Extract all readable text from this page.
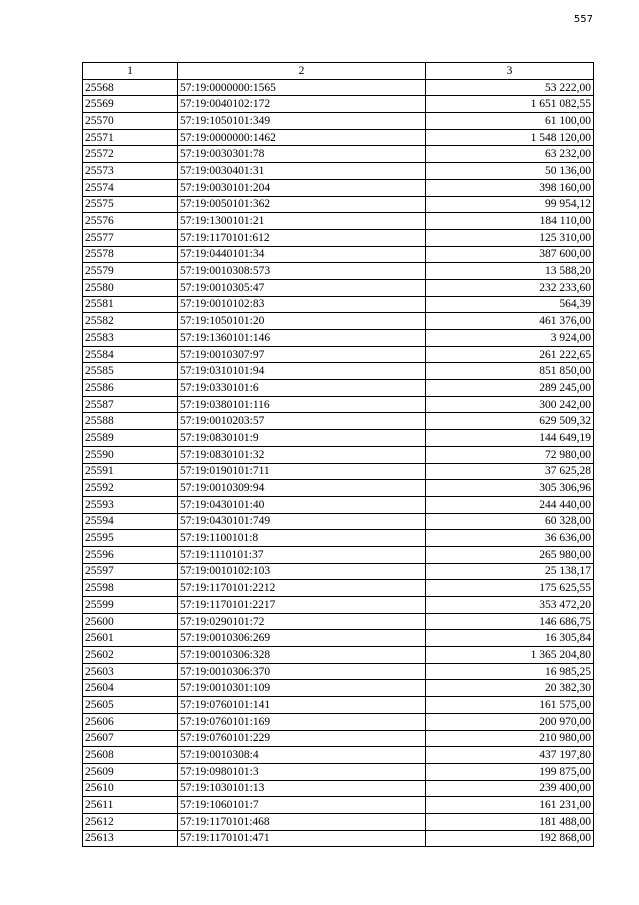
557
1	2	3
25568	57:19:0000000:1565	53 222,00
25569	57:19:0040102:172	1 651 082,55
25570	57:19:1050101:349	61 100,00
25571	57:19:0000000:1462	1 548 120,00
25572	57:19:0030301:78	63 232,00
25573	57:19:0030401:31	50 136,00
25574	57:19:0030101:204	398 160,00
25575	57:19:0050101:362	99 954,12
25576	57:19:1300101:21	184 110,00
25577	57:19:1170101:612	125 310,00
25578	57:19:0440101:34	387 600,00
25579	57:19:0010308:573	13 588,20
25580	57:19:0010305:47	232 233,60
25581	57:19:0010102:83	564,39
25582	57:19:1050101:20	461 376,00
25583	57:19:1360101:146	3 924,00
25584	57:19:0010307:97	261 222,65
25585	57:19:0310101:94	851 850,00
25586	57:19:0330101:6	289 245,00
25587	57:19:0380101:116	300 242,00
25588	57:19:0010203:57	629 509,32
25589	57:19:0830101:9	144 649,19
25590	57:19:0830101:32	72 980,00
25591	57:19:0190101:711	37 625,28
25592	57:19:0010309:94	305 306,96
25593	57:19:0430101:40	244 440,00
25594	57:19:0430101:749	60 328,00
25595	57:19:1100101:8	36 636,00
25596	57:19:1110101:37	265 980,00
25597	57:19:0010102:103	25 138,17
25598	57:19:1170101:2212	175 625,55
25599	57:19:1170101:2217	353 472,20
25600	57:19:0290101:72	146 686,75
25601	57:19:0010306:269	16 305,84
25602	57:19:0010306:328	1 365 204,80
25603	57:19:0010306:370	16 985,25
25604	57:19:0010301:109	20 382,30
25605	57:19:0760101:141	161 575,00
25606	57:19:0760101:169	200 970,00
25607	57:19:0760101:229	210 980,00
25608	57:19:0010308:4	437 197,80
25609	57:19:0980101:3	199 875,00
25610	57:19:1030101:13	239 400,00
25611	57:19:1060101:7	161 231,00
25612	57:19:1170101:468	181 488,00
25613	57:19:1170101:471	192 868,00
